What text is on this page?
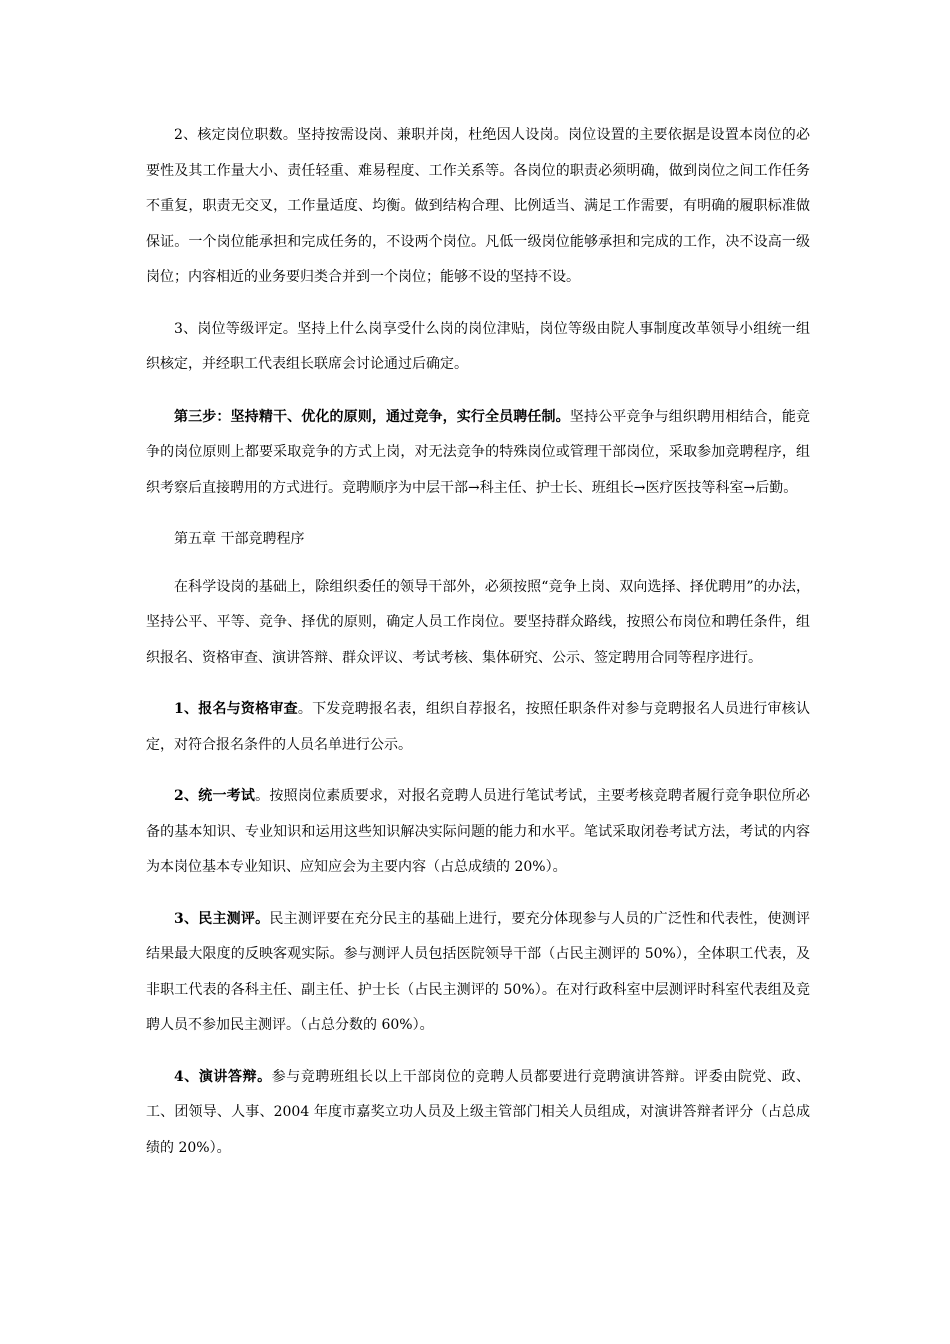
2、核定岗位职数。坚持按需设岗、兼职并岗，杜绝因人设岗。岗位设置的主要依据是设置本岗位的必要性及其工作量大小、责任轻重、难易程度、工作关系等。各岗位的职责必须明确，做到岗位之间工作任务不重复，职责无交叉，工作量适度、均衡。做到结构合理、比例适当、满足工作需要，有明确的履职标准做保证。一个岗位能承担和完成任务的，不设两个岗位。凡低一级岗位能够承担和完成的工作，决不设高一级岗位；内容相近的业务要归类合并到一个岗位；能够不设的坚持不设。

3、岗位等级评定。坚持上什么岗享受什么岗的岗位津贴，岗位等级由院人事制度改革领导小组统一组织核定，并经职工代表组长联席会讨论通过后确定。

第三步：坚持精干、优化的原则，通过竞争，实行全员聘任制。坚持公平竞争与组织聘用相结合，能竞争的岗位原则上都要采取竞争的方式上岗，对无法竞争的特殊岗位或管理干部岗位，采取参加竞聘程序，组织考察后直接聘用的方式进行。竞聘顺序为中层干部→科主任、护士长、班组长→医疗医技等科室→后勤。

第五章 干部竞聘程序

在科学设岗的基础上，除组织委任的领导干部外，必须按照“竞争上岗、双向选择、择优聘用”的办法，坚持公平、平等、竞争、择优的原则，确定人员工作岗位。要坚持群众路线，按照公布岗位和聘任条件，组织报名、资格审查、演讲答辩、群众评议、考试考核、集体研究、公示、签定聘用合同等程序进行。

1、报名与资格审查。下发竞聘报名表，组织自荐报名，按照任职条件对参与竞聘报名人员进行审核认定，对符合报名条件的人员名单进行公示。

2、统一考试。按照岗位素质要求，对报名竞聘人员进行笔试考试，主要考核竞聘者履行竞争职位所必备的基本知识、专业知识和运用这些知识解决实际问题的能力和水平。笔试采取闭卷考试方法，考试的内容为本岗位基本专业知识、应知应会为主要内容（占总成绩的 20%）。

3、民主测评。民主测评要在充分民主的基础上进行，要充分体现参与人员的广泛性和代表性，使测评结果最大限度的反映客观实际。参与测评人员包括医院领导干部（占民主测评的 50%），全体职工代表，及非职工代表的各科主任、副主任、护士长（占民主测评的 50%）。在对行政科室中层测评时科室代表组及竞聘人员不参加民主测评。（占总分数的 60%）。

4、演讲答辩。参与竞聘班组长以上干部岗位的竞聘人员都要进行竞聘演讲答辩。评委由院党、政、工、团领导、人事、2004 年度市嘉奖立功人员及上级主管部门相关人员组成，对演讲答辩者评分（占总成绩的 20%）。
